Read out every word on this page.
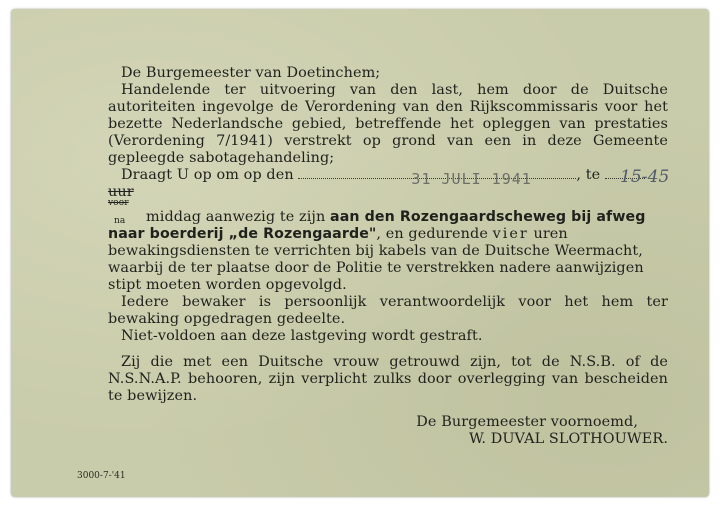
De Burgemeester van Doetinchem;

Handelende ter uitvoering van den last, hem door de Duitsche autoriteiten ingevolge de Verordening van den Rijkscommissaris voor het bezette Nederlandsche gebied, betreffende het opleggen van prestaties (Verordening 7/1941) verstrekt op grond van een in deze Gemeente gepleegde sabotagehandeling;

Draagt U op om op den	31 JULI 1941	, te	15-45
uur

voor
na middag aanwezig te zijn aan den Rozengaardscheweg bij afweg naar boerderij „de Rozengaarde", en gedurende vier uren bewakingsdiensten te verrichten bij kabels van de Duitsche Weermacht, waarbij de ter plaatse door de Politie te verstrekken nadere aanwijzigen stipt moeten worden opgevolgd.

Iedere bewaker is persoonlijk verantwoordelijk voor het hem ter bewaking opgedragen gedeelte.

Niet-voldoen aan deze lastgeving wordt gestraft.

Zij die met een Duitsche vrouw getrouwd zijn, tot de N.S.B. of de N.S.N.A.P. behooren, zijn verplicht zulks door overlegging van bescheiden te bewijzen.

De Burgemeester voornoemd,

W. DUVAL SLOTHOUWER.

3000-7-'41
